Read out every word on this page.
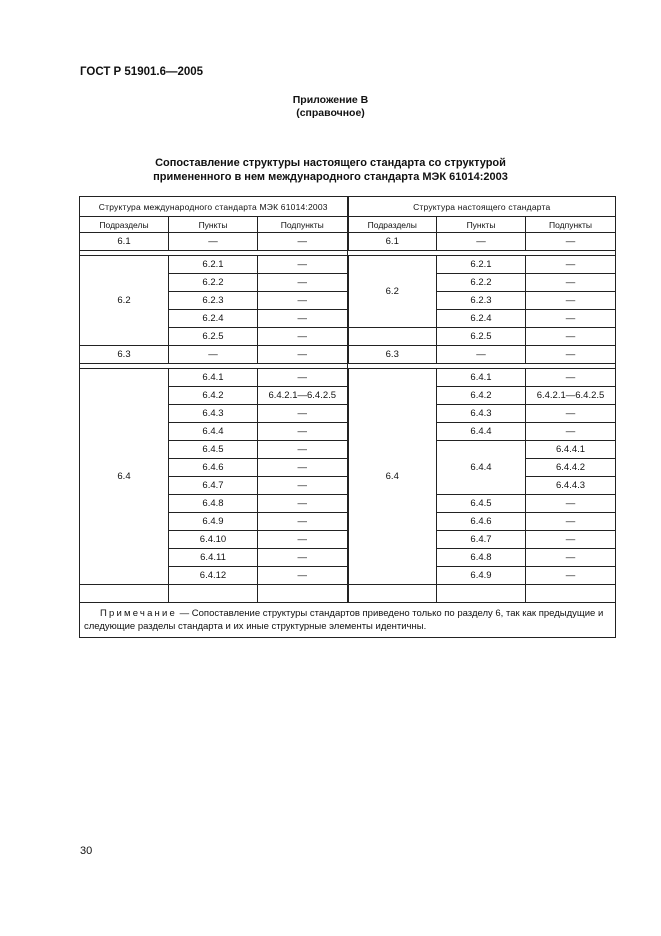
ГОСТ Р 51901.6—2005
Приложение В
(справочное)
Сопоставление структуры настоящего стандарта со структурой
примененного в нем международного стандарта МЭК 61014:2003
Структура международного стандарта МЭК 61014:2003			Структура настоящего стандарта		
Подразделы	Пункты	Подпункты	Подразделы	Пункты	Подпункты
6.1	—	—	6.1	—	—

6.2	6.2.1	—	6.2	6.2.1	—
	6.2.2	—		6.2.2	—
	6.2.3	—		6.2.3	—
	6.2.4	—		6.2.4	—
	6.2.5	—		6.2.5	—
6.3	—	—	6.3	—	—

6.4	6.4.1	—	6.4	6.4.1	—
	6.4.2	6.4.2.1—6.4.2.5		6.4.2	6.4.2.1—6.4.2.5
	6.4.3	—		6.4.3	—
	6.4.4	—		6.4.4	—
	6.4.5	—		6.4.4	6.4.4.1
	6.4.6	—			6.4.4.2
	6.4.7	—			6.4.4.3
	6.4.8	—		6.4.5	—
	6.4.9	—		6.4.6	—
	6.4.10	—		6.4.7	—
	6.4.11	—		6.4.8	—
	6.4.12	—		6.4.9	—

Примечание — Сопоставление структуры стандартов приведено только по разделу 6, так как предыдущие и следующие разделы стандарта и их иные структурные элементы идентичны.					
30
